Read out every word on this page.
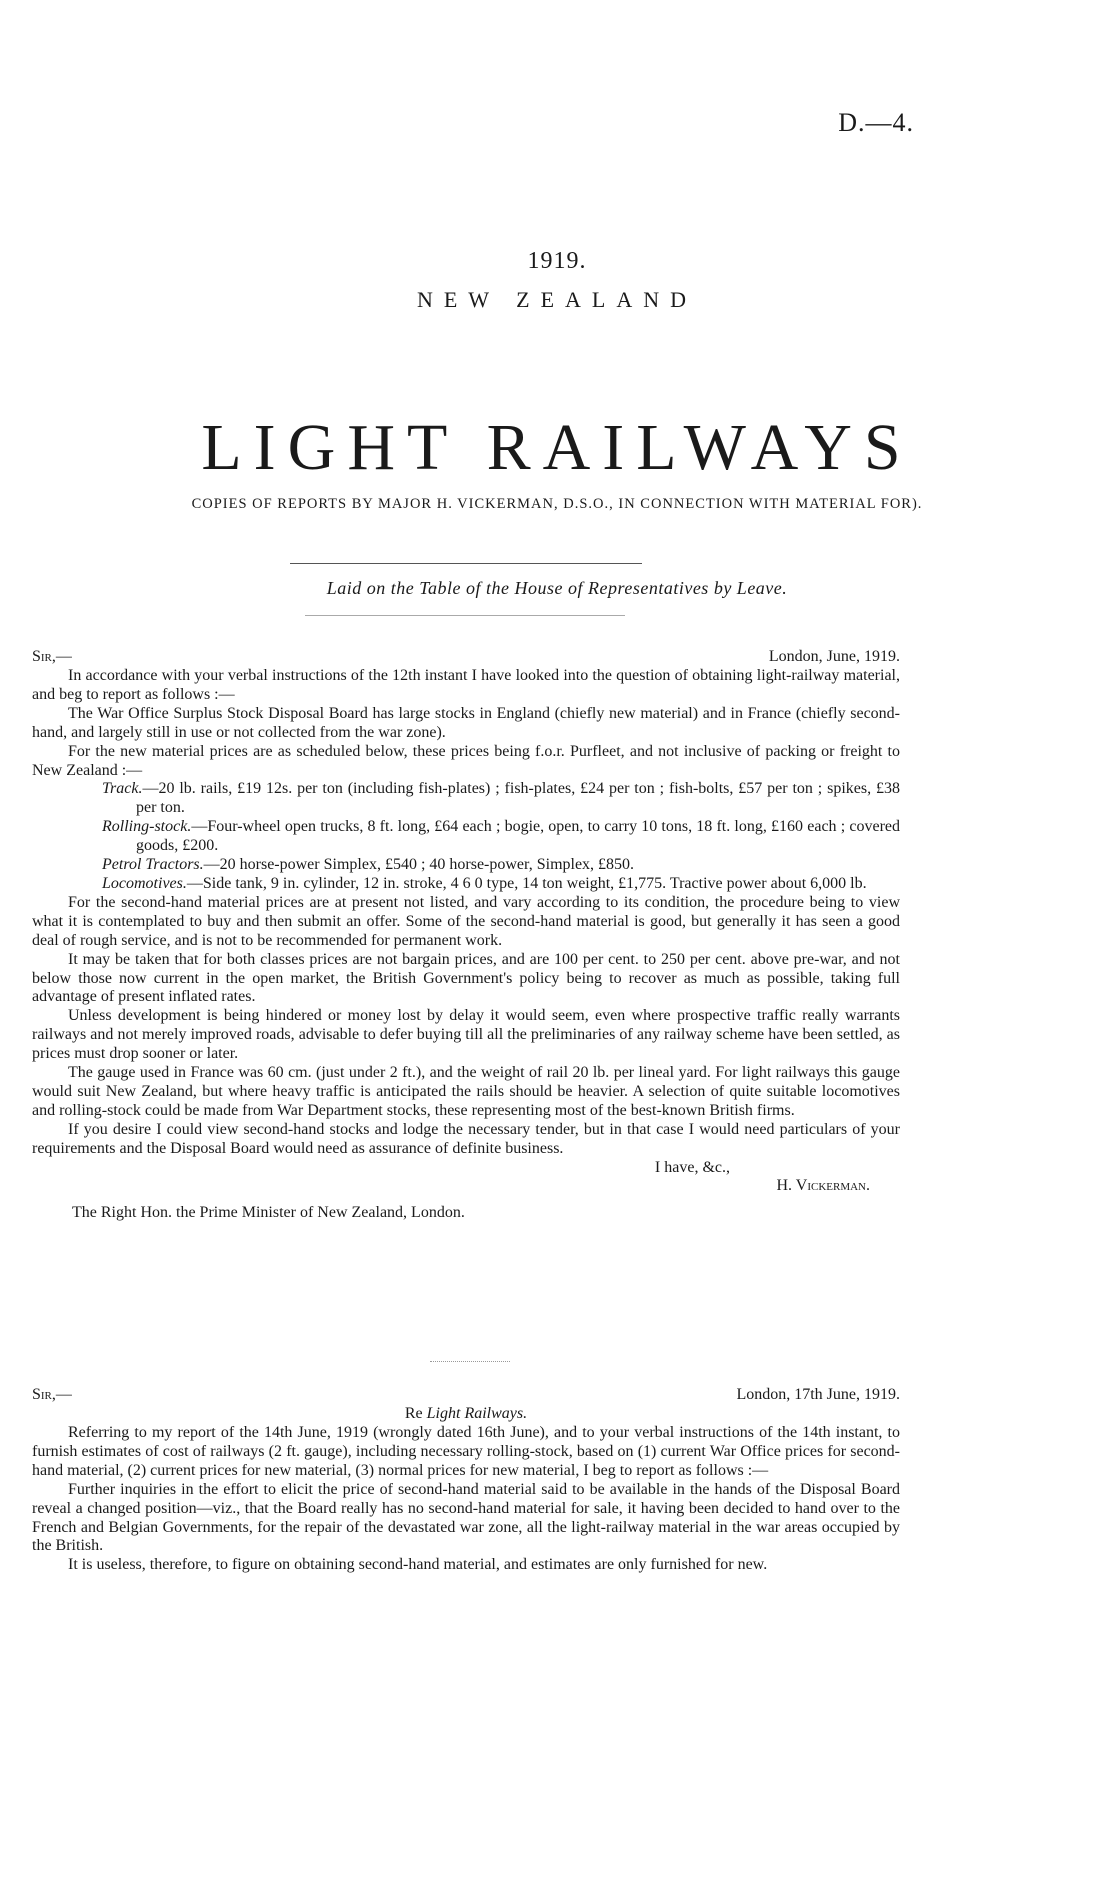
D.—4.
1919.
NEW ZEALAND
LIGHT RAILWAYS
COPIES OF REPORTS BY MAJOR H. VICKERMAN, D.S.O., IN CONNECTION WITH MATERIAL FOR).
Laid on the Table of the House of Representatives by Leave.
Sir,—	London, June, 1919.

In accordance with your verbal instructions of the 12th instant I have looked into the question of obtaining light-railway material, and beg to report as follows :—

The War Office Surplus Stock Disposal Board has large stocks in England (chiefly new material) and in France (chiefly second-hand, and largely still in use or not collected from the war zone).

For the new material prices are as scheduled below, these prices being f.o.r. Purfleet, and not inclusive of packing or freight to New Zealand :—

Track.—20 lb. rails, £19 12s. per ton (including fish-plates) ; fish-plates, £24 per ton ; fish-bolts, £57 per ton ; spikes, £38 per ton.

Rolling-stock.—Four-wheel open trucks, 8 ft. long, £64 each ; bogie, open, to carry 10 tons, 18 ft. long, £160 each ; covered goods, £200.

Petrol Tractors.—20 horse-power Simplex, £540 ; 40 horse-power, Simplex, £850.

Locomotives.—Side tank, 9 in. cylinder, 12 in. stroke, 4 6 0 type, 14 ton weight, £1,775. Tractive power about 6,000 lb.

For the second-hand material prices are at present not listed, and vary according to its condition, the procedure being to view what it is contemplated to buy and then submit an offer. Some of the second-hand material is good, but generally it has seen a good deal of rough service, and is not to be recommended for permanent work.

It may be taken that for both classes prices are not bargain prices, and are 100 per cent. to 250 per cent. above pre-war, and not below those now current in the open market, the British Government's policy being to recover as much as possible, taking full advantage of present inflated rates.

Unless development is being hindered or money lost by delay it would seem, even where prospective traffic really warrants railways and not merely improved roads, advisable to defer buying till all the preliminaries of any railway scheme have been settled, as prices must drop sooner or later.

The gauge used in France was 60 cm. (just under 2 ft.), and the weight of rail 20 lb. per lineal yard. For light railways this gauge would suit New Zealand, but where heavy traffic is anticipated the rails should be heavier. A selection of quite suitable locomotives and rolling-stock could be made from War Department stocks, these representing most of the best-known British firms.

If you desire I could view second-hand stocks and lodge the necessary tender, but in that case I would need particulars of your requirements and the Disposal Board would need as assurance of definite business.

I have, &c.,
H. Vickerman.
The Right Hon. the Prime Minister of New Zealand, London.
Sir,—	London, 17th June, 1919.
Re Light Railways.

Referring to my report of the 14th June, 1919 (wrongly dated 16th June), and to your verbal instructions of the 14th instant, to furnish estimates of cost of railways (2 ft. gauge), including necessary rolling-stock, based on (1) current War Office prices for second-hand material, (2) current prices for new material, (3) normal prices for new material, I beg to report as follows :—

Further inquiries in the effort to elicit the price of second-hand material said to be available in the hands of the Disposal Board reveal a changed position—viz., that the Board really has no second-hand material for sale, it having been decided to hand over to the French and Belgian Governments, for the repair of the devastated war zone, all the light-railway material in the war areas occupied by the British.

It is useless, therefore, to figure on obtaining second-hand material, and estimates are only furnished for new.
